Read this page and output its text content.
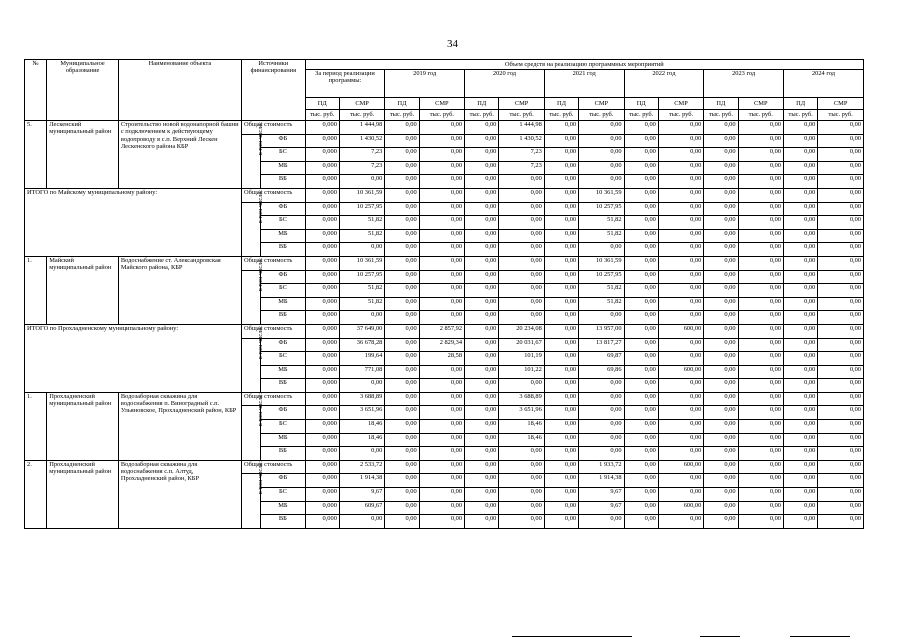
34
№	Муниципальное образование	Наименование объекта	Источники финансирования		Объем средств на реализацию программных мероприятий													
					За период реализации программы:		2019 год		2020 год		2021 год		2022 год		2023 год		2024 год	
					ПД	СМР	ПД	СМР	ПД	СМР	ПД	СМР	ПД	СМР	ПД	СМР	ПД	СМР
					тыс. руб.	тыс. руб.	тыс. руб.	тыс. руб.	тыс. руб.	тыс. руб.	тыс. руб.	тыс. руб.	тыс. руб.	тыс. руб.	тыс. руб.	тыс. руб.	тыс. руб.	тыс. руб.
5.	Лескенский муниципальный район	Строительство новой водонапорной башни с подключением к действующему водопроводу в с.п. Верхний Лескен Лескенского района КБР	Общая стоимость		0,000	1 444,98	0,00	0,00	0,00	1 444,98	0,00	0,00	0,00	0,00	0,00	0,00	0,00	0,00
			в том числе:	ФБ	0,000	1 430,52	0,00	0,00	0,00	1 430,52	0,00	0,00	0,00	0,00	0,00	0,00	0,00	0,00
				БС	0,000	7,23	0,00	0,00	0,00	7,23	0,00	0,00	0,00	0,00	0,00	0,00	0,00	0,00
				МБ	0,000	7,23	0,00	0,00	0,00	7,23	0,00	0,00	0,00	0,00	0,00	0,00	0,00	0,00
				ВБ	0,000	0,00	0,00	0,00	0,00	0,00	0,00	0,00	0,00	0,00	0,00	0,00	0,00	0,00
ИТОГО по Майскому муниципальному району:			Общая стоимость		0,000	10 361,59	0,00	0,00	0,00	0,00	0,00	10 361,59	0,00	0,00	0,00	0,00	0,00	0,00
			в том числе:	ФБ	0,000	10 257,95	0,00	0,00	0,00	0,00	0,00	10 257,95	0,00	0,00	0,00	0,00	0,00	0,00
				БС	0,000	51,82	0,00	0,00	0,00	0,00	0,00	51,82	0,00	0,00	0,00	0,00	0,00	0,00
				МБ	0,000	51,82	0,00	0,00	0,00	0,00	0,00	51,82	0,00	0,00	0,00	0,00	0,00	0,00
				ВБ	0,000	0,00	0,00	0,00	0,00	0,00	0,00	0,00	0,00	0,00	0,00	0,00	0,00	0,00
1.	Майский муниципальный район	Водоснабжение ст. Александровская Майского района, КБР	Общая стоимость		0,000	10 361,59	0,00	0,00	0,00	0,00	0,00	10 361,59	0,00	0,00	0,00	0,00	0,00	0,00
			в том числе:	ФБ	0,000	10 257,95	0,00	0,00	0,00	0,00	0,00	10 257,95	0,00	0,00	0,00	0,00	0,00	0,00
				БС	0,000	51,82	0,00	0,00	0,00	0,00	0,00	51,82	0,00	0,00	0,00	0,00	0,00	0,00
				МБ	0,000	51,82	0,00	0,00	0,00	0,00	0,00	51,82	0,00	0,00	0,00	0,00	0,00	0,00
				ВБ	0,000	0,00	0,00	0,00	0,00	0,00	0,00	0,00	0,00	0,00	0,00	0,00	0,00	0,00
ИТОГО по Прохладненскому муниципальному району:			Общая стоимость		0,000	37 649,00	0,00	2 857,92	0,00	20 234,08	0,00	13 957,00	0,00	600,00	0,00	0,00	0,00	0,00
			в том числе:	ФБ	0,000	36 678,28	0,00	2 829,34	0,00	20 031,67	0,00	13 817,27	0,00	0,00	0,00	0,00	0,00	0,00
				БС	0,000	199,64	0,00	28,58	0,00	101,19	0,00	69,87	0,00	0,00	0,00	0,00	0,00	0,00
				МБ	0,000	771,08	0,00	0,00	0,00	101,22	0,00	69,86	0,00	600,00	0,00	0,00	0,00	0,00
				ВБ	0,000	0,00	0,00	0,00	0,00	0,00	0,00	0,00	0,00	0,00	0,00	0,00	0,00	0,00
1.	Прохладненский муниципальный район	Водозаборная скважина для водоснабжения п. Виноградный с.п. Ульяновское, Прохладненский район, КБР	Общая стоимость		0,000	3 688,89	0,00	0,00	0,00	3 688,89	0,00	0,00	0,00	0,00	0,00	0,00	0,00	0,00
			в том числе:	ФБ	0,000	3 651,96	0,00	0,00	0,00	3 651,96	0,00	0,00	0,00	0,00	0,00	0,00	0,00	0,00
				БС	0,000	18,46	0,00	0,00	0,00	18,46	0,00	0,00	0,00	0,00	0,00	0,00	0,00	0,00
				МБ	0,000	18,46	0,00	0,00	0,00	18,46	0,00	0,00	0,00	0,00	0,00	0,00	0,00	0,00
				ВБ	0,000	0,00	0,00	0,00	0,00	0,00	0,00	0,00	0,00	0,00	0,00	0,00	0,00	0,00
2.	Прохладненский муниципальный район	Водозаборная скважина для водоснабжения с.п. Алтуд, Прохладненский район, КБР	Общая стоимость		0,000	2 533,72	0,00	0,00	0,00	0,00	0,00	1 933,72	0,00	600,00	0,00	0,00	0,00	0,00
			в том числе:	ФБ	0,000	1 914,38	0,00	0,00	0,00	0,00	0,00	1 914,38	0,00	0,00	0,00	0,00	0,00	0,00
				БС	0,000	9,67	0,00	0,00	0,00	0,00	0,00	9,67	0,00	0,00	0,00	0,00	0,00	0,00
				МБ	0,000	609,67	0,00	0,00	0,00	0,00	0,00	9,67	0,00	600,00	0,00	0,00	0,00	0,00
				ВБ	0,000	0,00	0,00	0,00	0,00	0,00	0,00	0,00	0,00	0,00	0,00	0,00	0,00	0,00
